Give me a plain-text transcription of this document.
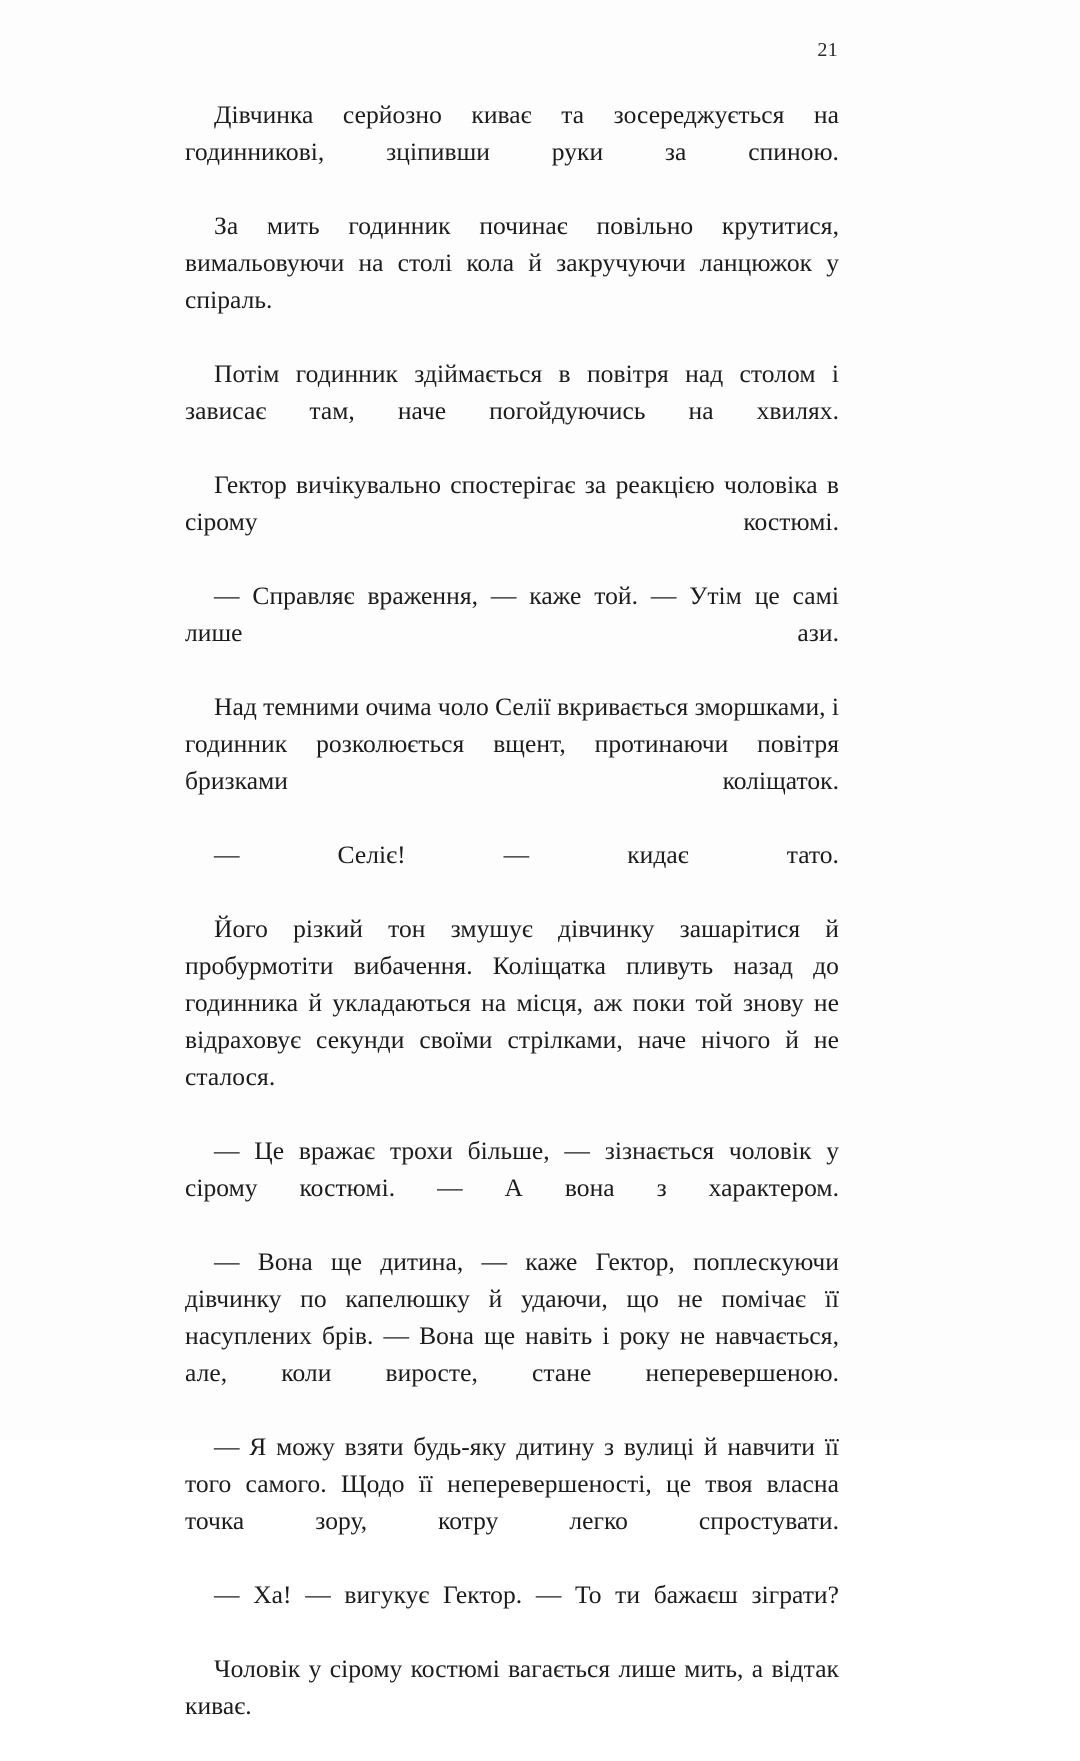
21

Дівчинка серйозно киває та зосереджується на годинникові, зціпивши руки за спиною.

За мить годинник починає повільно крутитися, вимальовуючи на столі кола й закручуючи ланцюжок у спіраль.

Потім годинник здіймається в повітря над столом і зависає там, наче погойдуючись на хвилях.

Гектор вичікувально спостерігає за реакцією чоловіка в сірому костюмі.

— Справляє враження, — каже той. — Утім це самі лише ази.

Над темними очима чоло Селії вкривається зморшками, і годинник розколюється вщент, протинаючи повітря бризками коліщаток.

— Селіє! — кидає тато.

Його різкий тон змушує дівчинку зашарітися й пробурмотіти вибачення. Коліщатка пливуть назад до годинника й укладаються на місця, аж поки той знову не відраховує секунди своїми стрілками, наче нічого й не сталося.

— Це вражає трохи більше, — зізнається чоловік у сірому костюмі. — А вона з характером.

— Вона ще дитина, — каже Гектор, поплескуючи дівчинку по капелюшку й удаючи, що не помічає її насуплених брів. — Вона ще навіть і року не навчається, але, коли виросте, стане неперевершеною.

— Я можу взяти будь-яку дитину з вулиці й навчити її того самого. Щодо її неперевершеності, це твоя власна точка зору, котру легко спростувати.

— Ха! — вигукує Гектор. — То ти бажаєш зіграти?

Чоловік у сірому костюмі вагається лише мить, а відтак киває.
